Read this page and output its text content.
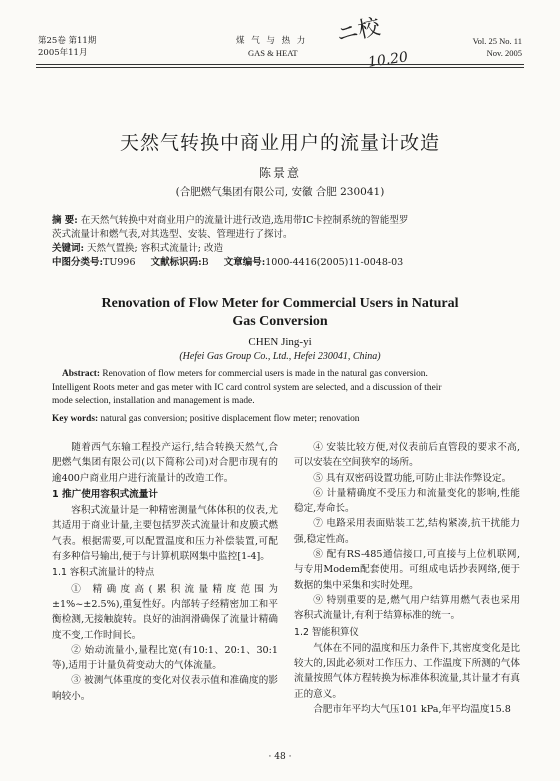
第25卷 第11期
2005年11月
煤 气 与 热 力
GAS & HEAT
Vol. 25 No. 11
Nov. 2005
ニ校
10.20
天然气转换中商业用户的流量计改造
陈景意
(合肥燃气集团有限公司, 安徽 合肥 230041)
摘 要: 在天然气转换中对商业用户的流量计进行改造,选用带IC卡控制系统的智能型罗
茨式流量计和燃气表,对其选型、安装、管理进行了探讨。
关键词: 天然气置换; 容积式流量计; 改造
中图分类号:TU996 文献标识码:B 文章编号:1000-4416(2005)11-0048-03
Renovation of Flow Meter for Commercial Users in Natural
Gas Conversion
CHEN Jing-yi
(Hefei Gas Group Co., Ltd., Hefei 230041, China)
Abstract: Renovation of flow meters for commercial users is made in the natural gas conversion.
Intelligent Roots meter and gas meter with IC card control system are selected, and a discussion of their
mode selection, installation and management is made.
Key words: natural gas conversion; positive displacement flow meter; renovation

随着西气东输工程投产运行,结合转换天然气,合肥燃气集团有限公司(以下简称公司)对合肥市现有的逾400户商业用户进行流量计的改造工作。

1 推广使用容积式流量计

容积式流量计是一种精密测量气体体积的仪表,尤其适用于商业计量,主要包括罗茨式流量计和皮膜式燃气表。根据需要,可以配置温度和压力补偿装置,可配有多种信号输出,便于与计算机联网集中监控[1-4]。

1.1 容积式流量计的特点

① 精确度高(累积流量精度范围为±1%~±2.5%),重复性好。内部转子经精密加工和平衡检测,无接触旋转。良好的油润滑确保了流量计精确度不变,工作时间长。

② 始动流量小,量程比宽(有10:1、20:1、30:1等),适用于计量负荷变动大的气体流量。

③ 被测气体重度的变化对仪表示值和准确度的影响较小。

④ 安装比较方便,对仪表前后直管段的要求不高,可以安装在空间狭窄的场所。

⑤ 具有双密码设置功能,可防止非法作弊设定。

⑥ 计量精确度不受压力和流量变化的影响,性能稳定,寿命长。

⑦ 电路采用表面贴装工艺,结构紧凑,抗干扰能力强,稳定性高。

⑧ 配有RS-485通信接口,可直接与上位机联网,与专用Modem配套使用。可组成电话抄表网络,便于数据的集中采集和实时处理。

⑨ 特别重要的是,燃气用户结算用燃气表也采用容积式流量计,有利于结算标准的统一。

1.2 智能积算仪

气体在不同的温度和压力条件下,其密度变化是比较大的,因此必须对工作压力、工作温度下所测的气体流量按照气体方程转换为标准体积流量,其计量才有真正的意义。

合肥市年平均大气压101 kPa,年平均温度15.8

· 48 ·
